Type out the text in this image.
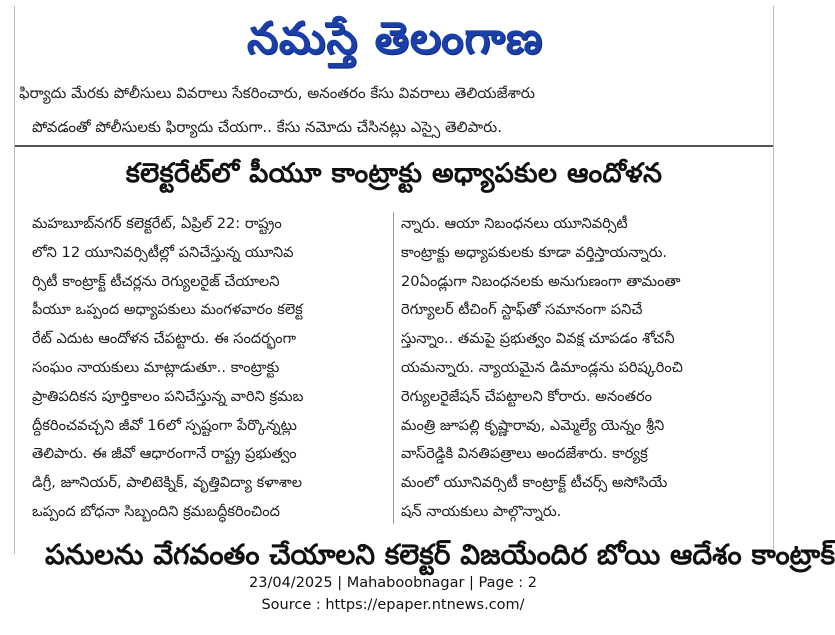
నమస్తే తెలంగాణ
ఫిర్యాదు మేరకు పోలీసులు వివరాలు సేకరించారు, అనంతరం కేసు వివరాలు తెలియజేశారు
పోవడంతో పోలీసులకు ఫిర్యాదు చేయగా.. కేసు నమోదు చేసినట్లు ఎస్సై తెలిపారు.
కలెక్టరేట్‌లో పీయూ కాంట్రాక్టు అధ్యాపకుల ఆందోళన
మహబూబ్‌నగర్ కలెక్టరేట్, ఏప్రిల్ 22: రాష్ట్రం
లోని 12 యూనివర్సిటీల్లో పనిచేస్తున్న యూనివ
ర్సిటీ కాంట్రాక్ట్ టీచర్లను రెగ్యులరైజ్ చేయాలని
పీయూ ఒప్పంద అధ్యాపకులు మంగళవారం కలెక్ట
రేట్ ఎదుట ఆందోళన చేపట్టారు. ఈ సందర్భంగా
సంఘం నాయకులు మాట్లాడుతూ.. కాంట్రాక్టు
ప్రాతిపదికన పూర్తికాలం పనిచేస్తున్న వారిని క్రమబ
ద్దీకరించవచ్చని జీవో 16లో స్పష్టంగా పేర్కొన్నట్లు
తెలిపారు. ఈ జీవో ఆధారంగానే రాష్ట్ర ప్రభుత్వం
డిగ్రీ, జూనియర్, పాలిటెక్నిక్, వృత్తివిద్యా కళాశాల
ఒప్పంద బోధనా సిబ్బందిని క్రమబద్ధీకరించింద
న్నారు. ఆయా నిబంధనలు యూనివర్సిటీ
కాంట్రాక్టు అధ్యాపకులకు కూడా వర్తిస్తాయన్నారు.
20ఏండ్లుగా నిబంధనలకు అనుగుణంగా తామంతా
రెగ్యూలర్ టీచింగ్ స్టాఫ్‌తో సమానంగా పనిచే
స్తున్నాం.. తమపై ప్రభుత్వం వివక్ష చూపడం శోచనీ
యమన్నారు. న్యాయమైన డిమాండ్లను పరిష్కరించి
రెగ్యులరైజేషన్ చేపట్టాలని కోరారు. అనంతరం
మంత్రి జూపల్లి కృష్ణారావు, ఎమ్మెల్యే యెన్నం శ్రీని
వాస్‌రెడ్డికి వినతిపత్రాలు అందజేశారు. కార్యక్ర
మంలో యూనివర్సిటీ కాంట్రాక్ట్ టీచర్స్ అసోసియే
షన్ నాయకులు పాల్గొన్నారు.
పనులను వేగవంతం చేయాలని కలెక్టర్ విజయేందిర బోయి ఆదేశం కాంట్రాక్
23/04/2025 | Mahaboobnagar | Page : 2
Source : https://epaper.ntnews.com/
